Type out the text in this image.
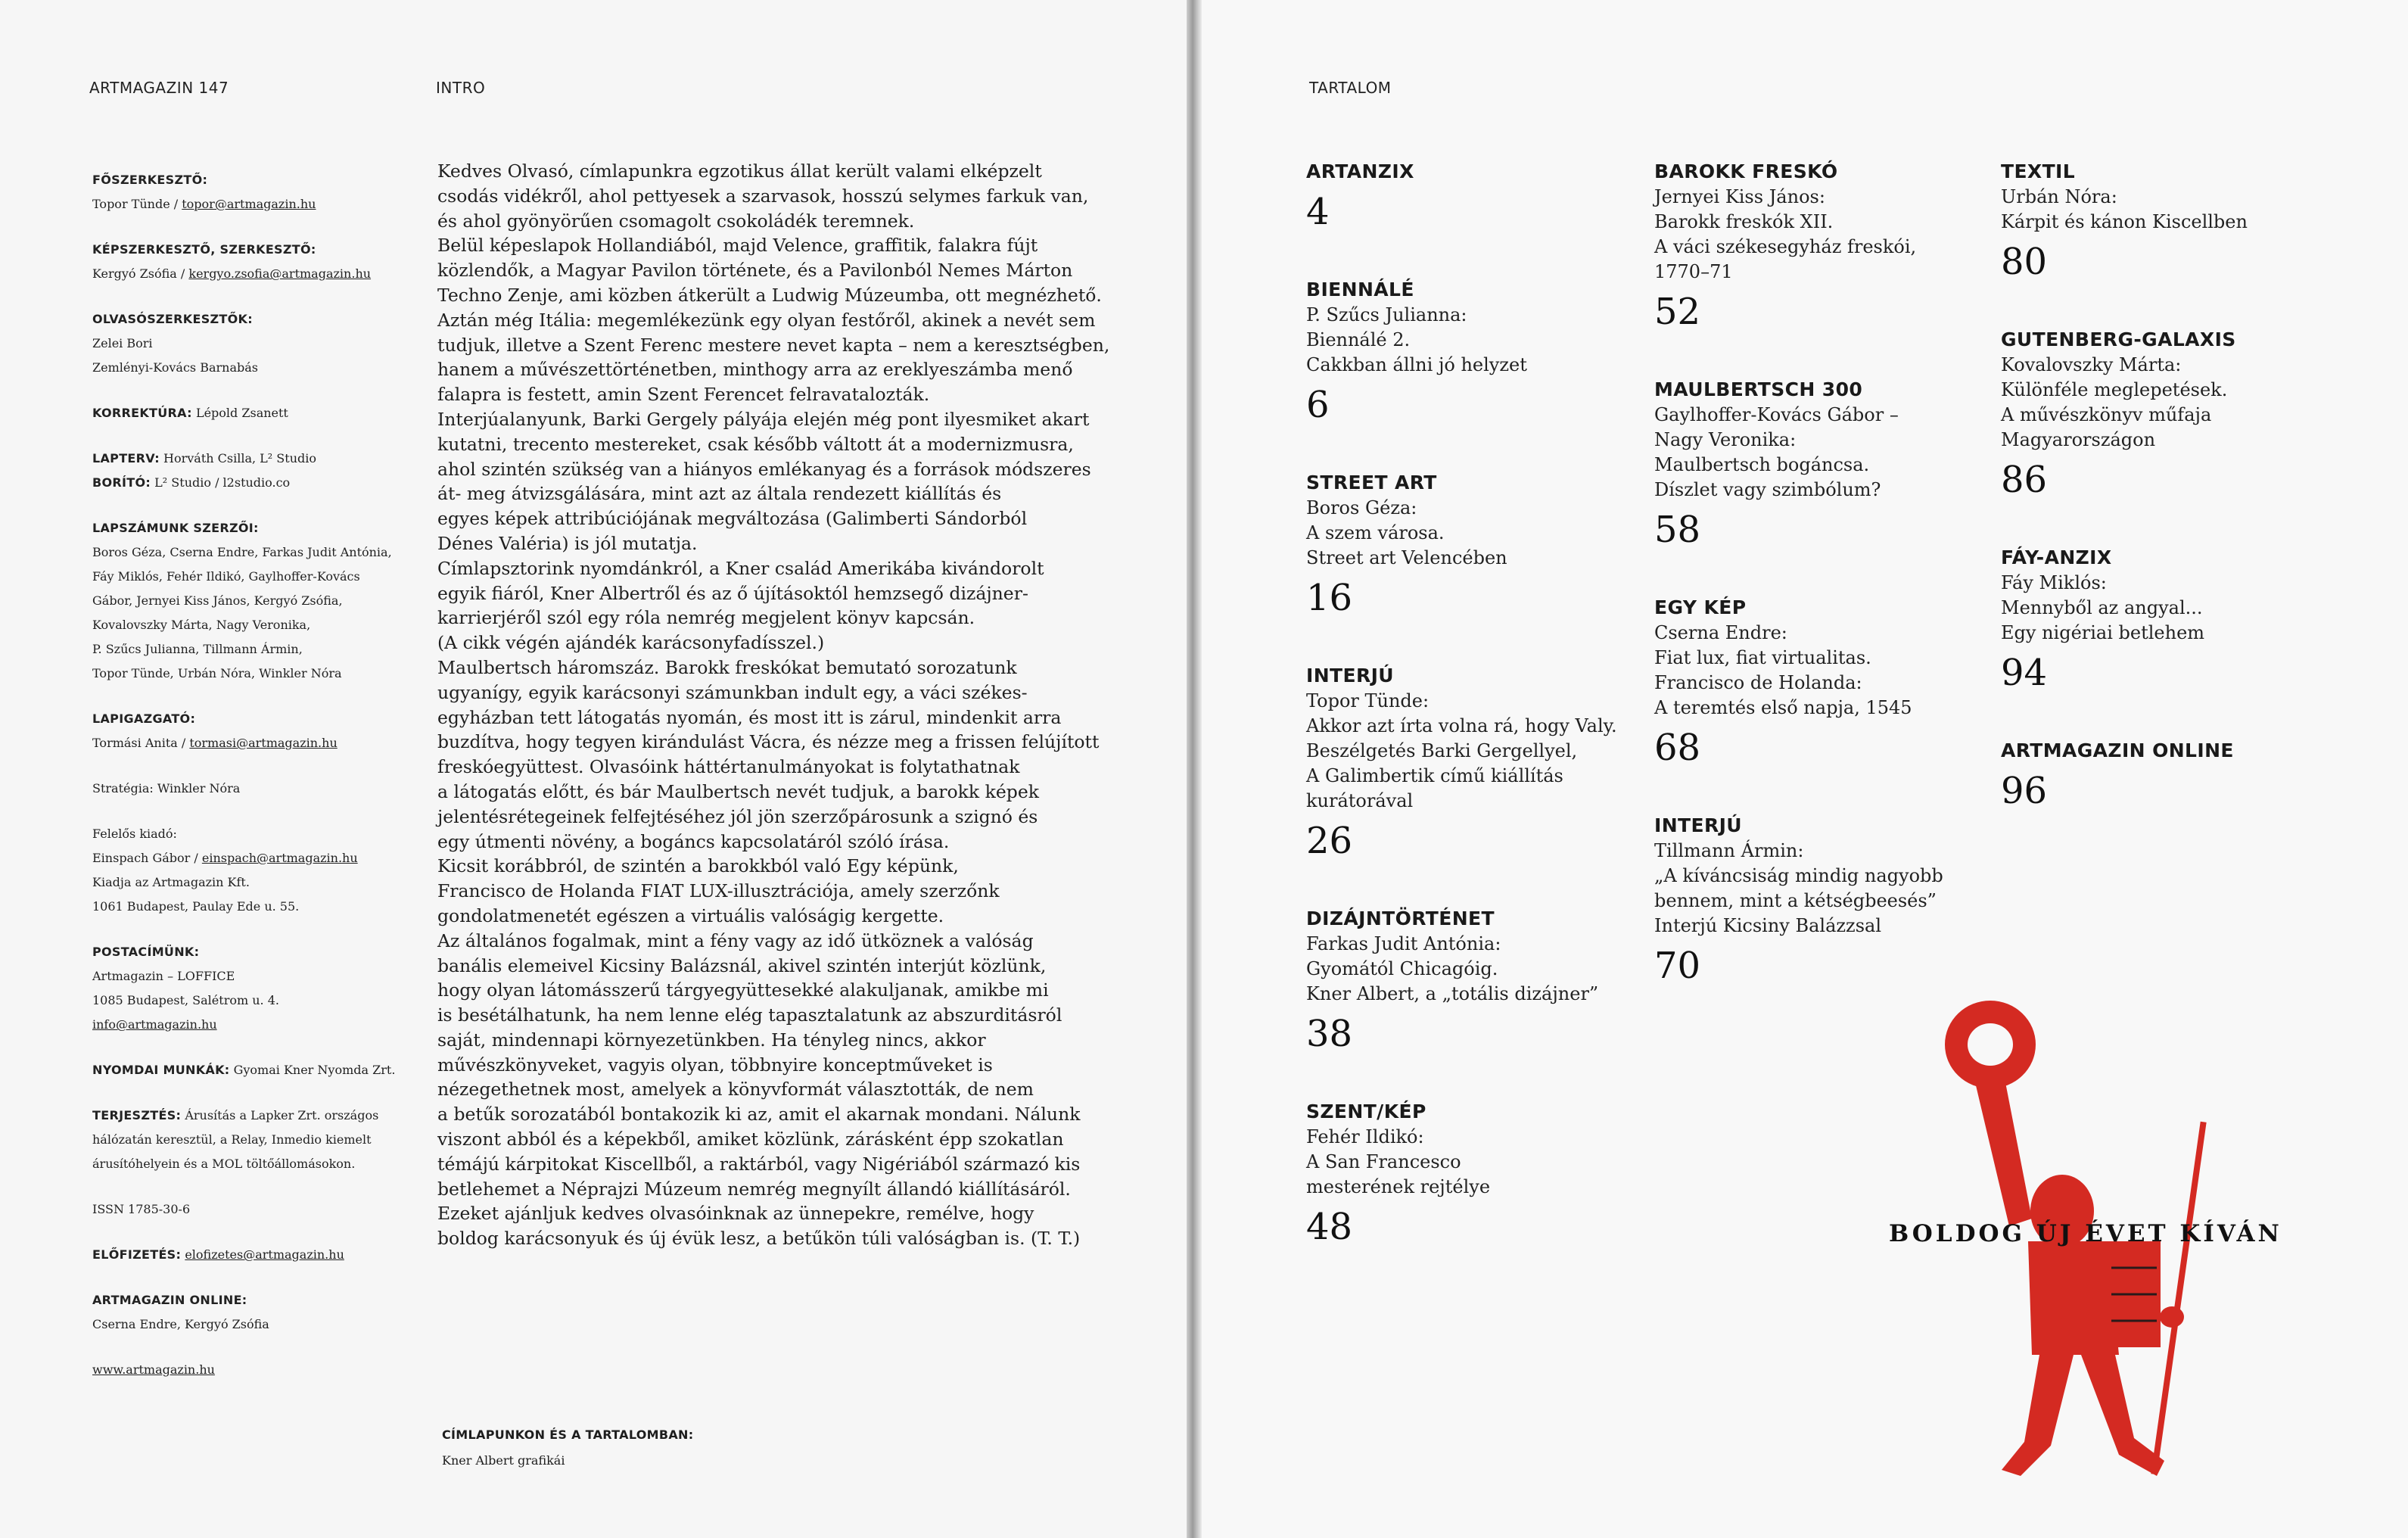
ARTMAGAZIN 147	INTRO
FŐSZERKESZTŐ:
Topor Tünde / topor@artmagazin.hu
KÉPSZERKESZTŐ, SZERKESZTŐ:
Kergyó Zsófia / kergyo.zsofia@artmagazin.hu
OLVASÓSZERKESZTŐK:
Zelei Bori
Zemlényi-Kovács Barnabás
KORREKTÚRA: Lépold Zsanett
LAPTERV: Horváth Csilla, L² Studio
BORÍTÓ: L² Studio / l2studio.co
LAPSZÁMUNK SZERZŐI:
Boros Géza, Cserna Endre, Farkas Judit Antónia,
Fáy Miklós, Fehér Ildikó, Gaylhoffer-Kovács
Gábor, Jernyei Kiss János, Kergyó Zsófia,
Kovalovszky Márta, Nagy Veronika,
P. Szűcs Julianna, Tillmann Ármin,
Topor Tünde, Urbán Nóra, Winkler Nóra
LAPIGAZGATÓ:
Tormási Anita / tormasi@artmagazin.hu
Stratégia: Winkler Nóra
Felelős kiadó:
Einspach Gábor / einspach@artmagazin.hu
Kiadja az Artmagazin Kft.
1061 Budapest, Paulay Ede u. 55.
POSTACÍMÜNK:
Artmagazin – LOFFICE
1085 Budapest, Salétrom u. 4.
info@artmagazin.hu
NYOMDAI MUNKÁK: Gyomai Kner Nyomda Zrt.
TERJESZTÉS: Árusítás a Lapker Zrt. országos
hálózatán keresztül, a Relay, Inmedio kiemelt
árusítóhelyein és a MOL töltőállomásokon.
ISSN 1785-30-6
ELŐFIZETÉS: elofizetes@artmagazin.hu
ARTMAGAZIN ONLINE:
Cserna Endre, Kergyó Zsófia
www.artmagazin.hu
Kedves Olvasó, címlapunkra egzotikus állat került valami elképzelt
csodás vidékről, ahol pettyesek a szarvasok, hosszú selymes farkuk van,
és ahol gyönyörűen csomagolt csokoládék teremnek.
Belül képeslapok Hollandiából, majd Velence, graffitik, falakra fújt
közlendők, a Magyar Pavilon története, és a Pavilonból Nemes Márton
Techno Zenje, ami közben átkerült a Ludwig Múzeumba, ott megnézhető.
Aztán még Itália: megemlékezünk egy olyan festőről, akinek a nevét sem
tudjuk, illetve a Szent Ferenc mestere nevet kapta – nem a keresztségben,
hanem a művészettörténetben, minthogy arra az ereklyeszámba menő
falapra is festett, amin Szent Ferencet felravatalozták.
Interjúalanyunk, Barki Gergely pályája elején még pont ilyesmiket akart
kutatni, trecento mestereket, csak később váltott át a modernizmusra,
ahol szintén szükség van a hiányos emlékanyag és a források módszeres
át- meg átvizsgálására, mint azt az általa rendezett kiállítás és
egyes képek attribúciójának megváltozása (Galimberti Sándorból
Dénes Valéria) is jól mutatja.
Címlapsztorink nyomdánkról, a Kner család Amerikába kivándorolt
egyik fiáról, Kner Albertről és az ő újításoktól hemzsegő dizájner-
karrierjéről szól egy róla nemrég megjelent könyv kapcsán.
(A cikk végén ajándék karácsonyfadísszel.)
Maulbertsch háromszáz. Barokk freskókat bemutató sorozatunk
ugyanígy, egyik karácsonyi számunkban indult egy, a váci székes-
egyházban tett látogatás nyomán, és most itt is zárul, mindenkit arra
buzdítva, hogy tegyen kirándulást Vácra, és nézze meg a frissen felújított
freskóegyüttest. Olvasóink háttértanulmányokat is folytathatnak
a látogatás előtt, és bár Maulbertsch nevét tudjuk, a barokk képek
jelentésrétegeinek felfejtéséhez jól jön szerzőpárosunk a szignó és
egy útmenti növény, a bogáncs kapcsolatáról szóló írása.
Kicsit korábbról, de szintén a barokkból való Egy képünk,
Francisco de Holanda FIAT LUX-illusztrációja, amely szerzőnk
gondolatmenetét egészen a virtuális valóságig kergette.
Az általános fogalmak, mint a fény vagy az idő ütköznek a valóság
banális elemeivel Kicsiny Balázsnál, akivel szintén interjút közlünk,
hogy olyan látomásszerű tárgyegyüttesekké alakuljanak, amikbe mi
is besétálhatunk, ha nem lenne elég tapasztalatunk az abszurditásról
saját, mindennapi környezetünkben. Ha tényleg nincs, akkor
művészkönyveket, vagyis olyan, többnyire konceptműveket is
nézegethetnek most, amelyek a könyvformát választották, de nem
a betűk sorozatából bontakozik ki az, amit el akarnak mondani. Nálunk
viszont abból és a képekből, amiket közlünk, zárásként épp szokatlan
témájú kárpitokat Kiscellből, a raktárból, vagy Nigériából származó kis
betlehemet a Néprajzi Múzeum nemrég megnyílt állandó kiállításáról.
Ezeket ajánljuk kedves olvasóinknak az ünnepekre, remélve, hogy
boldog karácsonyuk és új évük lesz, a betűkön túli valóságban is. (T. T.)
CÍMLAPUNKON ÉS A TARTALOMBAN:
Kner Albert grafikái
TARTALOM
ARTANZIX
4
BIENNÁLÉ
P. Szűcs Julianna:
Biennálé 2.
Cakkban állni jó helyzet
6
STREET ART
Boros Géza:
A szem városa.
Street art Velencében
16
INTERJÚ
Topor Tünde:
Akkor azt írta volna rá, hogy Valy.
Beszélgetés Barki Gergellyel,
A Galimbertik című kiállítás
kurátorával
26
DIZÁJNTÖRTÉNET
Farkas Judit Antónia:
Gyomától Chicagóig.
Kner Albert, a „totális dizájner”
38
SZENT/KÉP
Fehér Ildikó:
A San Francesco
mesterének rejtélye
48
BAROKK FRESKÓ
Jernyei Kiss János:
Barokk freskók XII.
A váci székesegyház freskói,
1770–71
52
MAULBERTSCH 300
Gaylhoffer-Kovács Gábor –
Nagy Veronika:
Maulbertsch bogáncsa.
Díszlet vagy szimbólum?
58
EGY KÉP
Cserna Endre:
Fiat lux, fiat virtualitas.
Francisco de Holanda:
A teremtés első napja, 1545
68
INTERJÚ
Tillmann Ármin:
„A kíváncsiság mindig nagyobb
bennem, mint a kétségbeesés”
Interjú Kicsiny Balázzsal
70
TEXTIL
Urbán Nóra:
Kárpit és kánon Kiscellben
80
GUTENBERG-GALAXIS
Kovalovszky Márta:
Különféle meglepetések.
A művészkönyv műfaja
Magyarországon
86
FÁY-ANZIX
Fáy Miklós:
Mennyből az angyal...
Egy nigériai betlehem
94
ARTMAGAZIN ONLINE
96
BOLDOG ÚJ ÉVET KÍVÁN
